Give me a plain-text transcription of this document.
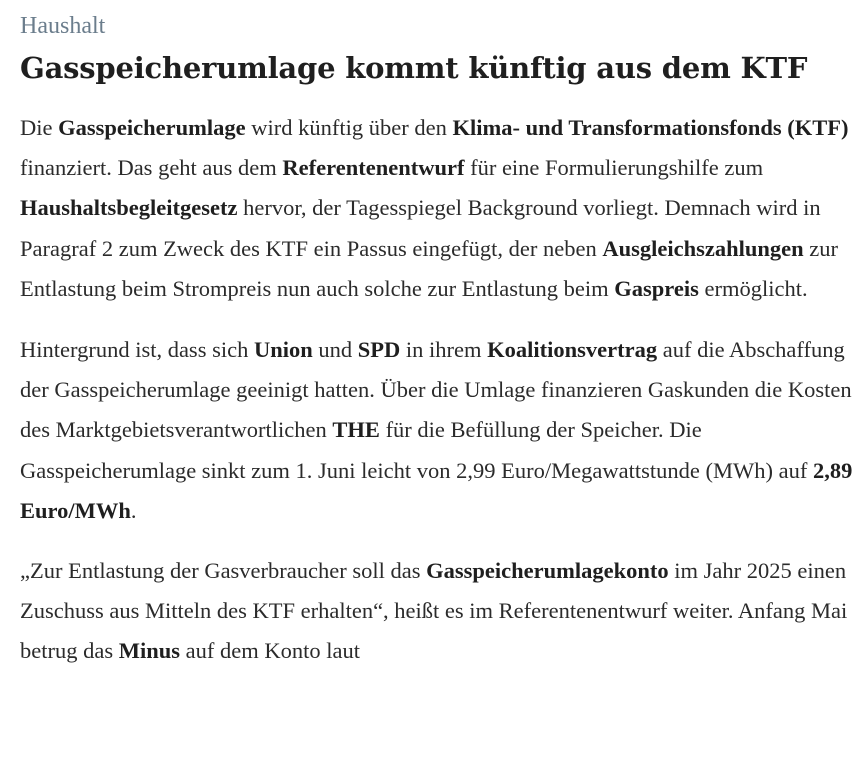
Haushalt
Gasspeicherumlage kommt künftig aus dem KTF

Die Gasspeicherumlage wird künftig über den Klima- und Transformationsfonds (KTF) finanziert. Das geht aus dem Referentenentwurf für eine Formulierungshilfe zum Haushaltsbegleitgesetz hervor, der Tagesspiegel Background vorliegt. Demnach wird in Paragraf 2 zum Zweck des KTF ein Passus eingefügt, der neben Ausgleichszahlungen zur Entlastung beim Strompreis nun auch solche zur Entlastung beim Gaspreis ermöglicht.

Hintergrund ist, dass sich Union und SPD in ihrem Koalitionsvertrag auf die Abschaffung der Gasspeicherumlage geeinigt hatten. Über die Umlage finanzieren Gaskunden die Kosten des Marktgebietsverantwortlichen THE für die Befüllung der Speicher. Die Gasspeicherumlage sinkt zum 1. Juni leicht von 2,99 Euro/Megawattstunde (MWh) auf 2,89 Euro/MWh.

„Zur Entlastung der Gasverbraucher soll das Gasspeicherumlagekonto im Jahr 2025 einen Zuschuss aus Mitteln des KTF erhalten“, heißt es im Referentenentwurf weiter. Anfang Mai betrug das Minus auf dem Konto laut
